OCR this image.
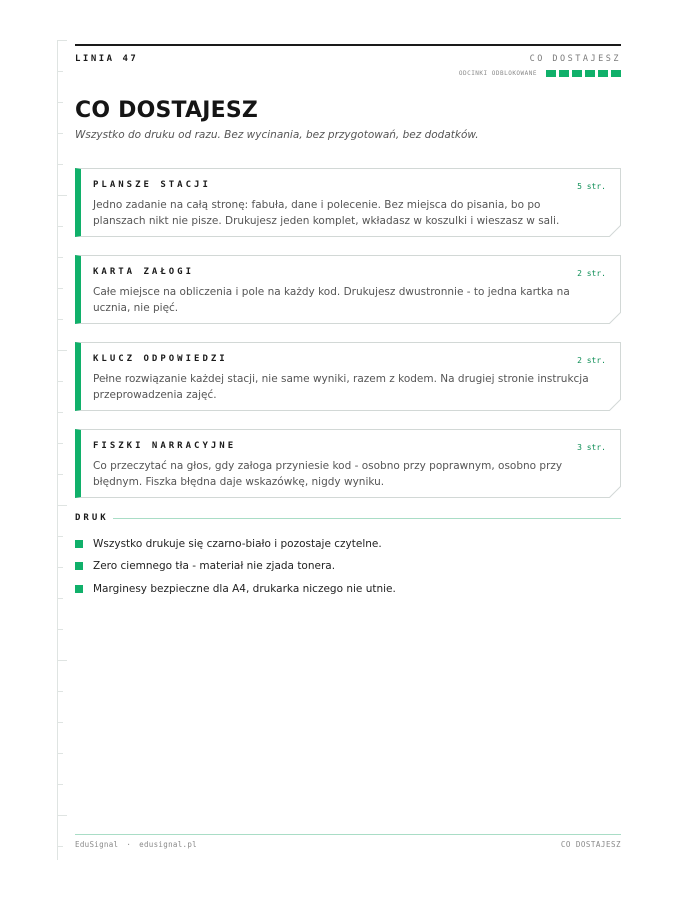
LINIA 47	CO DOSTAJESZ
ODCINKI ODBLOKOWANE
CO DOSTAJESZ
Wszystko do druku od razu. Bez wycinania, bez przygotowań, bez dodatków.
PLANSZE STACJI	5 str.
Jedno zadanie na całą stronę: fabuła, dane i polecenie. Bez miejsca do pisania, bo po planszach nikt nie pisze. Drukujesz jeden komplet, wkładasz w koszulki i wieszasz w sali.
KARTA ZAŁOGI	2 str.
Całe miejsce na obliczenia i pole na każdy kod. Drukujesz dwustronnie - to jedna kartka na ucznia, nie pięć.
KLUCZ ODPOWIEDZI	2 str.
Pełne rozwiązanie każdej stacji, nie same wyniki, razem z kodem. Na drugiej stronie instrukcja przeprowadzenia zajęć.
FISZKI NARRACYJNE	3 str.
Co przeczytać na głos, gdy załoga przyniesie kod - osobno przy poprawnym, osobno przy błędnym. Fiszka błędna daje wskazówkę, nigdy wyniku.
DRUK
Wszystko drukuje się czarno-biało i pozostaje czytelne.
Zero ciemnego tła - materiał nie zjada tonera.
Marginesy bezpieczne dla A4, drukarka niczego nie utnie.
EduSignal · edusignal.pl	CO DOSTAJESZ
